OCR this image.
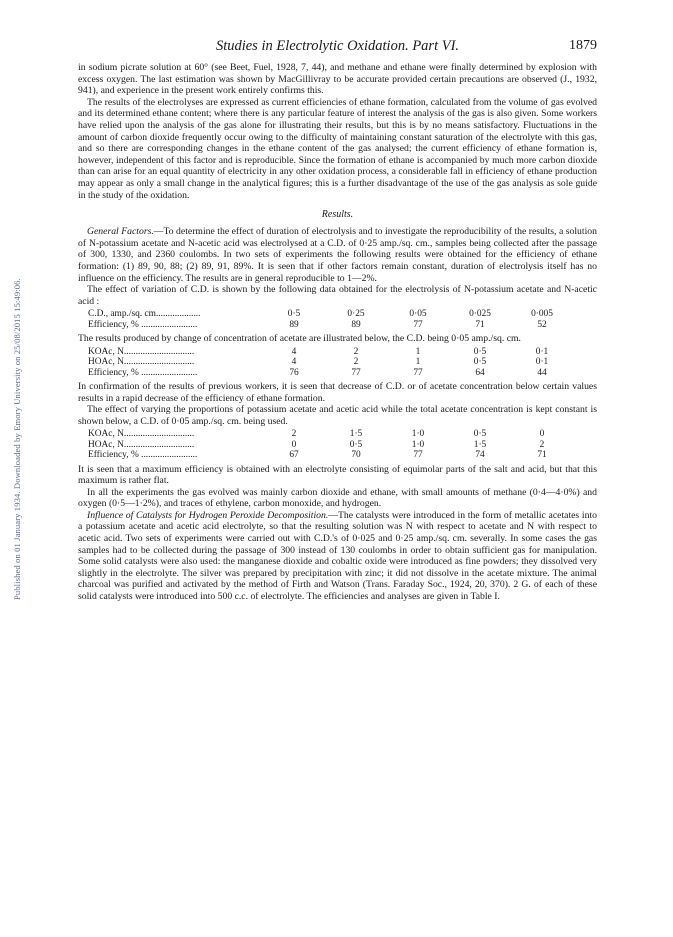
Published on 01 January 1934. Downloaded by Emory University on 25/08/2015 15:49:06.
Studies in Electrolytic Oxidation. Part VI.	1879

in sodium picrate solution at 60° (see Beet, Fuel, 1928, 7, 44), and methane and ethane were finally determined by explosion with excess oxygen. The last estimation was shown by MacGillivray to be accurate provided certain precautions are observed (J., 1932, 941), and experience in the present work entirely confirms this.

The results of the electrolyses are expressed as current efficiencies of ethane formation, calculated from the volume of gas evolved and its determined ethane content; where there is any particular feature of interest the analysis of the gas is also given. Some workers have relied upon the analysis of the gas alone for illustrating their results, but this is by no means satisfactory. Fluctuations in the amount of carbon dioxide frequently occur owing to the difficulty of maintaining constant saturation of the electrolyte with this gas, and so there are corresponding changes in the ethane content of the gas analysed; the current efficiency of ethane formation is, however, independent of this factor and is reproducible. Since the formation of ethane is accompanied by much more carbon dioxide than can arise for an equal quantity of electricity in any other oxidation process, a considerable fall in efficiency of ethane production may appear as only a small change in the analytical figures; this is a further disadvantage of the use of the gas analysis as sole guide in the study of the oxidation.

Results.

General Factors.—To determine the effect of duration of electrolysis and to investigate the reproducibility of the results, a solution of N-potassium acetate and N-acetic acid was electrolysed at a C.D. of 0·25 amp./sq. cm., samples being collected after the passage of 300, 1330, and 2360 coulombs. In two sets of experiments the following results were obtained for the efficiency of ethane formation: (1) 89, 90, 88; (2) 89, 91, 89%. It is seen that if other factors remain constant, duration of electrolysis itself has no influence on the efficiency. The results are in general reproducible to 1—2%.

The effect of variation of C.D. is shown by the following data obtained for the electrolysis of N-potassium acetate and N-acetic acid :

C.D., amp./sq. cm...................	0·5	0·25	0·05	0·025	0·005
Efficiency, % ........................	89	89	77	71	52

The results produced by change of concentration of acetate are illustrated below, the C.D. being 0·05 amp./sq. cm.

KOAc, N..............................	4	2	1	0·5	0·1
HOAc, N..............................	4	2	1	0·5	0·1
Efficiency, % ........................	76	77	77	64	44

In confirmation of the results of previous workers, it is seen that decrease of C.D. or of acetate concentration below certain values results in a rapid decrease of the efficiency of ethane formation.

The effect of varying the proportions of potassium acetate and acetic acid while the total acetate concentration is kept constant is shown below, a C.D. of 0·05 amp./sq. cm. being used.

KOAc, N..............................	2	1·5	1·0	0·5	0
HOAc, N..............................	0	0·5	1·0	1·5	2
Efficiency, % ........................	67	70	77	74	71

It is seen that a maximum efficiency is obtained with an electrolyte consisting of equimolar parts of the salt and acid, but that this maximum is rather flat.

In all the experiments the gas evolved was mainly carbon dioxide and ethane, with small amounts of methane (0·4—4·0%) and oxygen (0·5—1·2%), and traces of ethylene, carbon monoxide, and hydrogen.

Influence of Catalysts for Hydrogen Peroxide Decomposition.—The catalysts were introduced in the form of metallic acetates into a potassium acetate and acetic acid electrolyte, so that the resulting solution was N with respect to acetate and N with respect to acetic acid. Two sets of experiments were carried out with C.D.'s of 0·025 and 0·25 amp./sq. cm. severally. In some cases the gas samples had to be collected during the passage of 300 instead of 130 coulombs in order to obtain sufficient gas for manipulation. Some solid catalysts were also used: the manganese dioxide and cobaltic oxide were introduced as fine powders; they dissolved very slightly in the electrolyte. The silver was prepared by precipitation with zinc; it did not dissolve in the acetate mixture. The animal charcoal was purified and activated by the method of Firth and Watson (Trans. Faraday Soc., 1924, 20, 370). 2 G. of each of these solid catalysts were introduced into 500 c.c. of electrolyte. The efficiencies and analyses are given in Table I.
